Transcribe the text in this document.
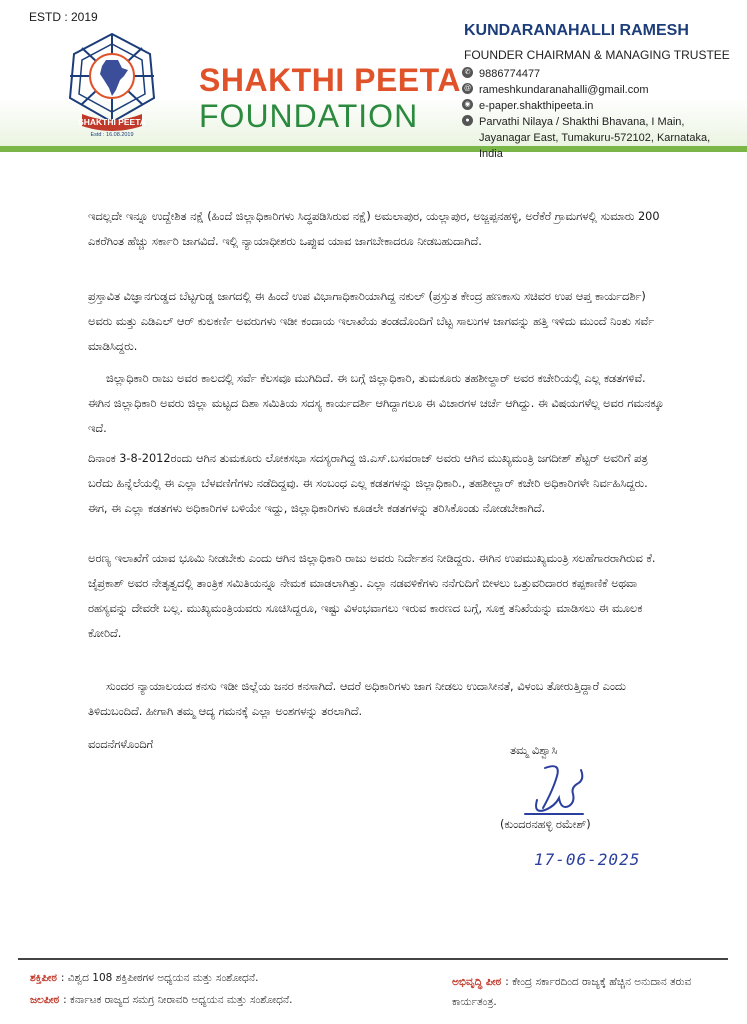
ESTD : 2019
SHAKTHI PEETA
Estd : 16.08.2019
SHAKTHI PEETA
FOUNDATION
KUNDARANAHALLI RAMESH
FOUNDER CHAIRMAN & MANAGING TRUSTEE
✆ 9886774477
@ rameshkundaranahalli@gmail.com
◉ e-paper.shakthipeeta.in
● Parvathi Nilaya / Shakthi Bhavana, I Main, Jayanagar East, Tumakuru-572102, Karnataka, India
ಇದಲ್ಲದೇ ಇನ್ನೂ ಉದ್ದೇಶಿತ ನಕ್ಷೆ (ಹಿಂದೆ ಜಿಲ್ಲಾಧಿಕಾರಿಗಳು ಸಿದ್ಧಪಡಿಸಿರುವ ನಕ್ಷೆ) ಅಮಲಾಪುರ, ಯಲ್ಲಾಪುರ, ಅಜ್ಜಪ್ಪನಹಳ್ಳಿ, ಅರೆಕೆರೆ ಗ್ರಾಮಗಳಲ್ಲಿ ಸುಮಾರು 200 ಎಕರೆಗಿಂತ ಹೆಚ್ಚು ಸರ್ಕಾರಿ ಜಾಗವಿದೆ. ಇಲ್ಲಿ ನ್ಯಾಯಾಧೀಶರು ಒಪ್ಪುವ ಯಾವ ಜಾಗಬೇಕಾದರೂ ನೀಡಬಹುದಾಗಿದೆ.
ಪ್ರಸ್ತಾವಿತ ವಿಜ್ಞಾನಗುಡ್ಡದ ಬೆಟ್ಟಗುಡ್ಡ ಜಾಗದಲ್ಲಿ ಈ ಹಿಂದೆ ಉಪ ವಿಭಾಗಾಧಿಕಾರಿಯಾಗಿದ್ದ ನಕುಲ್ (ಪ್ರಸ್ತುತ ಕೇಂದ್ರ ಹಣಕಾಸು ಸಚಿವರ ಉಪ ಆಪ್ತ ಕಾರ್ಯದರ್ಶಿ) ಅವರು ಮತ್ತು ಎಡಿಎಲ್ ಆರ್ ಕುಲಕರ್ಣಿ ಅವರುಗಳು ಇಡೀ ಕಂದಾಯ ಇಲಾಖೆಯ ತಂಡದೊಂದಿಗೆ ಬೆಟ್ಟ ಸಾಲುಗಳ ಜಾಗವನ್ನು ಹತ್ತಿ ಇಳಿದು ಮುಂದೆ ನಿಂತು ಸರ್ವೆ ಮಾಡಿಸಿದ್ದರು.
ಜಿಲ್ಲಾಧಿಕಾರಿ ರಾಜು ಅವರ ಕಾಲದಲ್ಲಿ ಸರ್ವೆ ಕೆಲಸವೂ ಮುಗಿದಿದೆ. ಈ ಬಗ್ಗೆ ಜಿಲ್ಲಾಧಿಕಾರಿ, ತುಮಕೂರು ತಹಶೀಲ್ದಾರ್ ಅವರ ಕಚೇರಿಯಲ್ಲಿ ಎಲ್ಲ ಕಡತಗಳಿವೆ. ಈಗಿನ ಜಿಲ್ಲಾಧಿಕಾರಿ ಅವರು ಜಿಲ್ಲಾ ಮಟ್ಟದ ದಿಶಾ ಸಮಿತಿಯ ಸದಸ್ಯ ಕಾರ್ಯದರ್ಶಿ ಆಗಿದ್ದಾಗಲೂ ಈ ವಿಚಾರಗಳ ಚರ್ಚೆ ಆಗಿದ್ದು. ಈ ವಿಷಯಗಳೆಲ್ಲ ಅವರ ಗಮನಕ್ಕೂ ಇದೆ.
ದಿನಾಂಕ 3-8-2012ರಂದು ಆಗಿನ ತುಮಕೂರು ಲೋಕಸಭಾ ಸದಸ್ಯರಾಗಿದ್ದ ಜಿ.ಎಸ್.ಬಸವರಾಜ್ ಅವರು ಆಗಿನ ಮುಖ್ಯಮಂತ್ರಿ ಜಗದೀಶ್ ಶೆಟ್ಟರ್ ಅವರಿಗೆ ಪತ್ರ ಬರೆದು ಹಿನ್ನೆಲೆಯಲ್ಲಿ ಈ ಎಲ್ಲಾ ಬೆಳವಣಿಗೆಗಳು ನಡೆದಿದ್ದವು. ಈ ಸಂಬಂಧ ಎಲ್ಲ ಕಡತಗಳನ್ನು ಜಿಲ್ಲಾಧಿಕಾರಿ., ತಹಶೀಲ್ದಾರ್ ಕಚೇರಿ ಅಧಿಕಾರಿಗಳೇ ನಿರ್ವಹಿಸಿದ್ದರು. ಈಗ, ಈ ಎಲ್ಲಾ ಕಡತಗಳು ಅಧಿಕಾರಿಗಳ ಬಳಿಯೇ ಇದ್ದು, ಜಿಲ್ಲಾಧಿಕಾರಿಗಳು ಕೂಡಲೇ ಕಡತಗಳನ್ನು ತರಿಸಿಕೊಂಡು ನೋಡಬೇಕಾಗಿದೆ.
ಅರಣ್ಯ ಇಲಾಖೆಗೆ ಯಾವ ಭೂಮಿ ನೀಡಬೇಕು ಎಂದು ಆಗಿನ ಜಿಲ್ಲಾಧಿಕಾರಿ ರಾಜು ಅವರು ನಿರ್ದೇಶನ ನೀಡಿದ್ದರು. ಈಗಿನ ಉಪಮುಖ್ಯಮಂತ್ರಿ ಸಲಹೆಗಾರರಾಗಿರುವ ಕೆ. ಜೈಪ್ರಕಾಶ್ ಅವರ ನೇತೃತ್ವದಲ್ಲಿ ತಾಂತ್ರಿಕ ಸಮಿತಿಯನ್ನೂ ನೇಮಕ ಮಾಡಲಾಗಿತ್ತು. ಎಲ್ಲಾ ನಡವಳಿಕೆಗಳು ನನೆಗುದಿಗೆ ಬೀಳಲು ಒತ್ತುವರಿದಾರರ ಕಪ್ಪಕಾಣಿಕೆ ಅಥವಾ ರಹಸ್ಯವನ್ನು ದೇವರೇ ಬಲ್ಲ. ಮುಖ್ಯಮಂತ್ರಿಯವರು ಸೂಚಿಸಿದ್ದರೂ, ಇಷ್ಟು ವಿಳಂಭವಾಗಲು ಇರುವ ಕಾರಣದ ಬಗ್ಗೆ, ಸೂಕ್ತ ತನಿಖೆಯನ್ನು ಮಾಡಿಸಲು ಈ ಮೂಲಕ ಕೋರಿದೆ.
ಸುಂದರ ನ್ಯಾಯಾಲಯದ ಕನಸು ಇಡೀ ಜಿಲ್ಲೆಯ ಜನರ ಕನಸಾಗಿದೆ. ಆದರೆ ಅಧಿಕಾರಿಗಳು ಜಾಗ ನೀಡಲು ಉದಾಸೀನತೆ, ವಿಳಂಬ ತೋರುತ್ತಿದ್ದಾರೆ ಎಂದು ತಿಳಿದುಬಂದಿದೆ. ಹೀಗಾಗಿ ತಮ್ಮ ಆದ್ಯ ಗಮನಕ್ಕೆ ಎಲ್ಲಾ ಅಂಶಗಳನ್ನು ತರಲಾಗಿದೆ.
ವಂದನೆಗಳೊಂದಿಗೆ	ತಮ್ಮ ವಿಶ್ವಾಸಿ
(ಕುಂದರನಹಳ್ಳಿ ರಮೇಶ್)
17-06-2025
ಶಕ್ತಿಪೀಠ : ವಿಶ್ವದ 108 ಶಕ್ತಿಪೀಠಗಳ ಅಧ್ಯಯನ ಮತ್ತು ಸಂಶೋಧನೆ.
ಜಲಪೀಠ : ಕರ್ನಾಟಕ ರಾಜ್ಯದ ಸಮಗ್ರ ನೀರಾವರಿ ಅಧ್ಯಯನ ಮತ್ತು ಸಂಶೋಧನೆ.
ಅಭಿವೃದ್ಧಿ ಪೀಠ : ಕೇಂದ್ರ ಸರ್ಕಾರದಿಂದ ರಾಜ್ಯಕ್ಕೆ ಹೆಚ್ಚಿನ ಅನುದಾನ ತರುವ ಕಾರ್ಯತಂತ್ರ.
